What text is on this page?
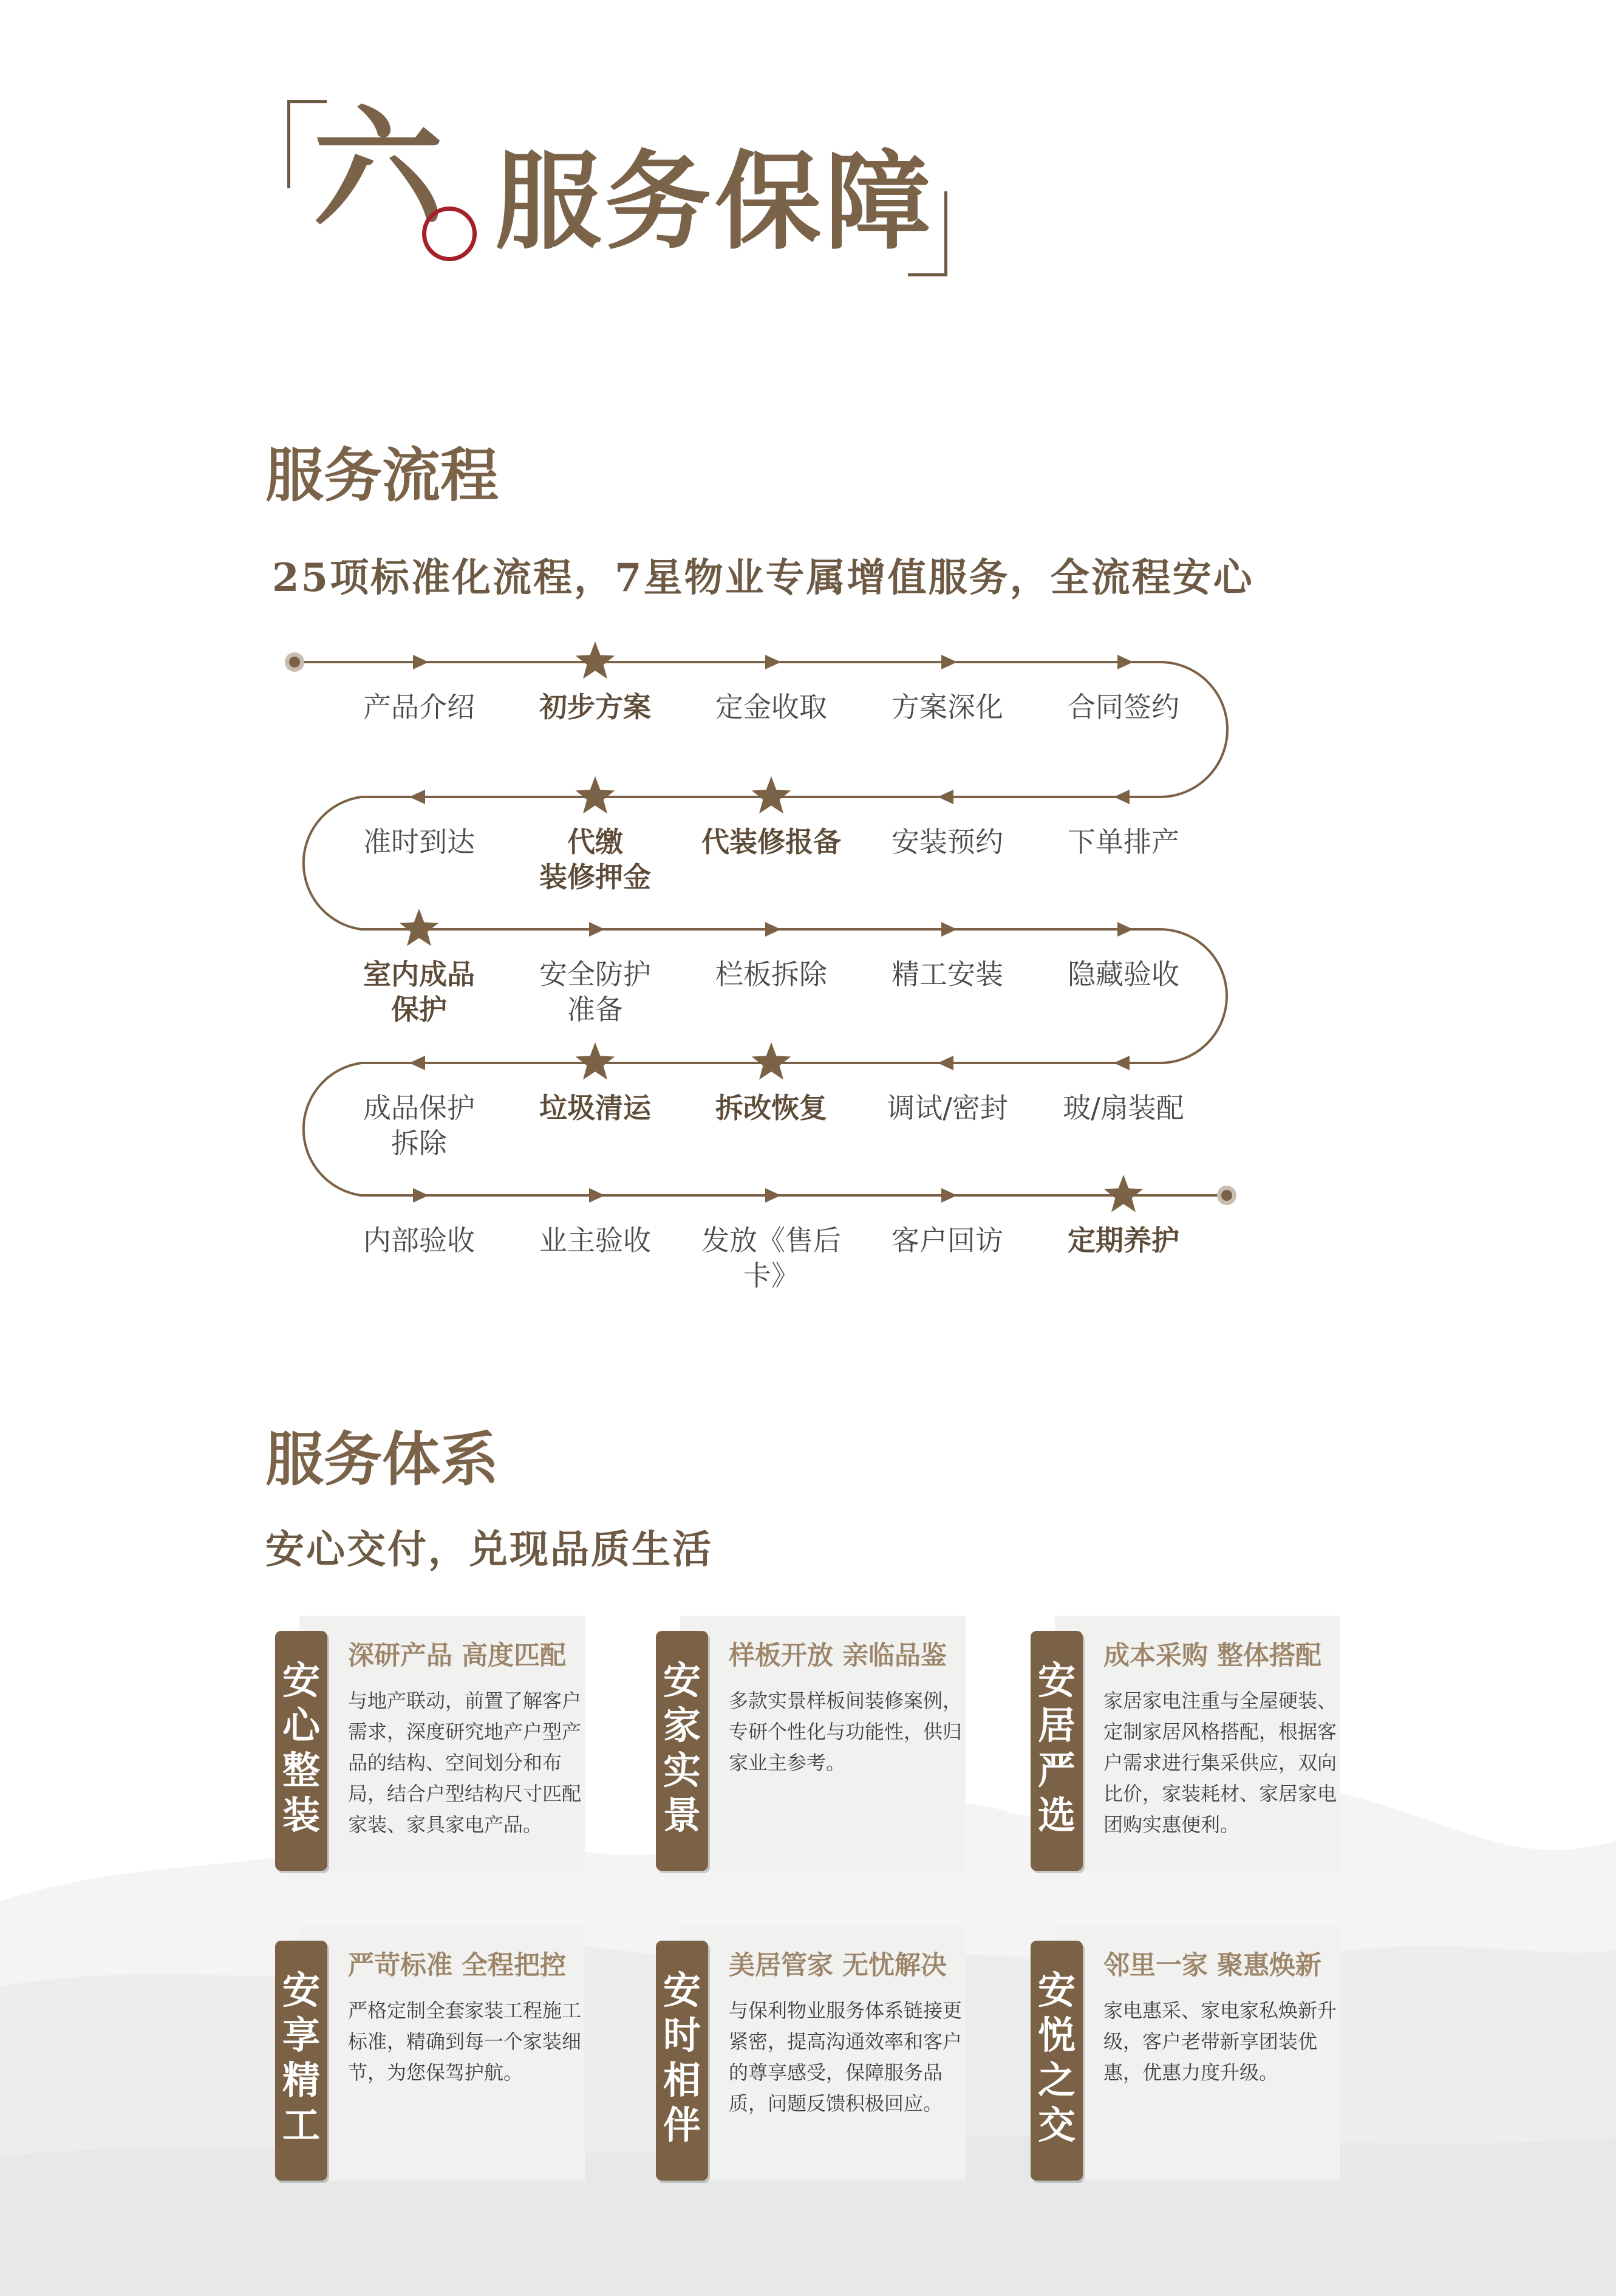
六 服务保障
服务流程
25项标准化流程，7星物业专属增值服务，全流程安心
产品介绍	初步方案	定金收取	方案深化	合同签约
准时到达	代缴
装修押金
代装修报备	安装预约	下单排产
室内成品
保护
安全防护
准备
栏板拆除	精工安装	隐藏验收
成品保护
拆除
垃圾清运	拆改恢复	调试/密封	玻/扇装配
内部验收	业主验收	发放《售后卡》
客户回访	定期养护
服务体系
安心交付，兑现品质生活
安
心
整
装
深研产品 高度匹配
与地产联动，前置了解客户需求，深度研究地产户型产品的结构、空间划分和布局，结合户型结构尺寸匹配家装、家具家电产品。
安
家
实
景
样板开放 亲临品鉴
多款实景样板间装修案例，专研个性化与功能性，供归家业主参考。
安
居
严
选
成本采购 整体搭配
家居家电注重与全屋硬装、定制家居风格搭配，根据客户需求进行集采供应，双向比价，家装耗材、家居家电团购实惠便利。
安
享
精
工
严苛标准 全程把控
严格定制全套家装工程施工标准，精确到每一个家装细节，为您保驾护航。
安
时
相
伴
美居管家 无忧解决
与保利物业服务体系链接更紧密，提高沟通效率和客户的尊享感受，保障服务品质，问题反馈积极回应。
安
悦
之
交
邻里一家 聚惠焕新
家电惠采、家电家私焕新升级，客户老带新享团装优惠，优惠力度升级。
